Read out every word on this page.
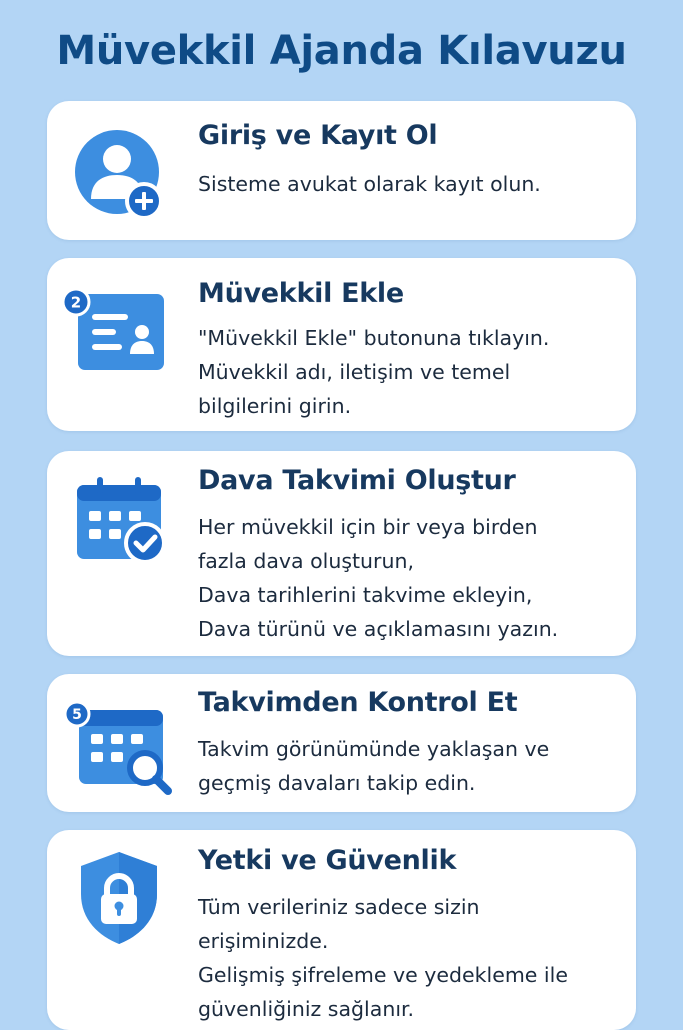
Müvekkil Ajanda Kılavuzu
Giriş ve Kayıt Ol
Sisteme avukat olarak kayıt olun.
2	Müvekkil Ekle
"Müvekkil Ekle" butonuna tıklayın.
Müvekkil adı, iletişim ve temel
bilgilerini girin.
Dava Takvimi Oluştur
Her müvekkil için bir veya birden
fazla dava oluşturun,
Dava tarihlerini takvime ekleyin,
Dava türünü ve açıklamasını yazın.
5	Takvimden Kontrol Et
Takvim görünümünde yaklaşan ve
geçmiş davaları takip edin.
Yetki ve Güvenlik
Tüm verileriniz sadece sizin
erişiminizde.
Gelişmiş şifreleme ve yedekleme ile
güvenliğiniz sağlanır.
